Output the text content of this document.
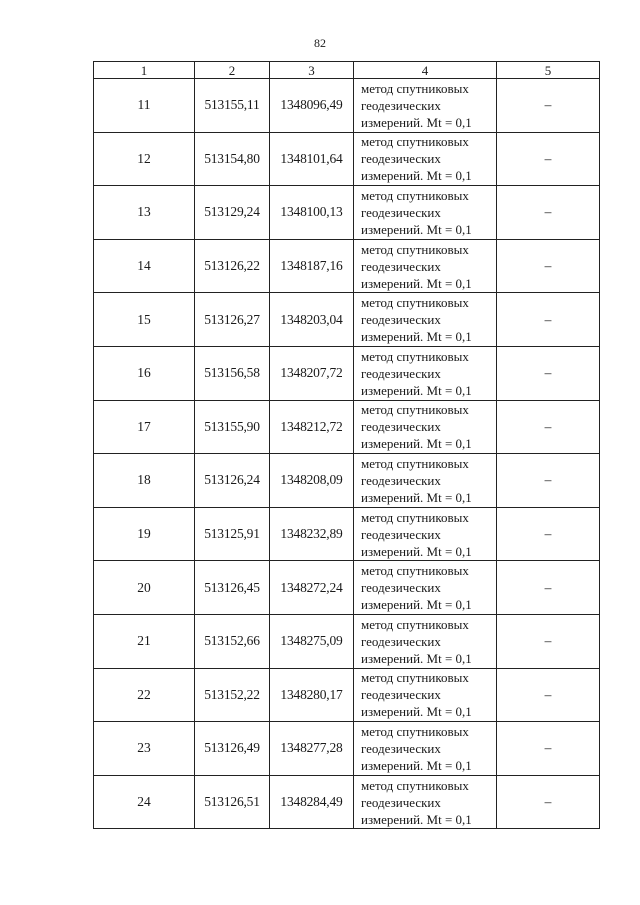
82
1	2	3	4	5
11	513155,11	1348096,49	метод спутниковых
геодезических
измерений. Mt = 0,1	–
12	513154,80	1348101,64	метод спутниковых
геодезических
измерений. Mt = 0,1	–
13	513129,24	1348100,13	метод спутниковых
геодезических
измерений. Mt = 0,1	–
14	513126,22	1348187,16	метод спутниковых
геодезических
измерений. Mt = 0,1	–
15	513126,27	1348203,04	метод спутниковых
геодезических
измерений. Mt = 0,1	–
16	513156,58	1348207,72	метод спутниковых
геодезических
измерений. Mt = 0,1	–
17	513155,90	1348212,72	метод спутниковых
геодезических
измерений. Mt = 0,1	–
18	513126,24	1348208,09	метод спутниковых
геодезических
измерений. Mt = 0,1	–
19	513125,91	1348232,89	метод спутниковых
геодезических
измерений. Mt = 0,1	–
20	513126,45	1348272,24	метод спутниковых
геодезических
измерений. Mt = 0,1	–
21	513152,66	1348275,09	метод спутниковых
геодезических
измерений. Mt = 0,1	–
22	513152,22	1348280,17	метод спутниковых
геодезических
измерений. Mt = 0,1	–
23	513126,49	1348277,28	метод спутниковых
геодезических
измерений. Mt = 0,1	–
24	513126,51	1348284,49	метод спутниковых
геодезических
измерений. Mt = 0,1	–
